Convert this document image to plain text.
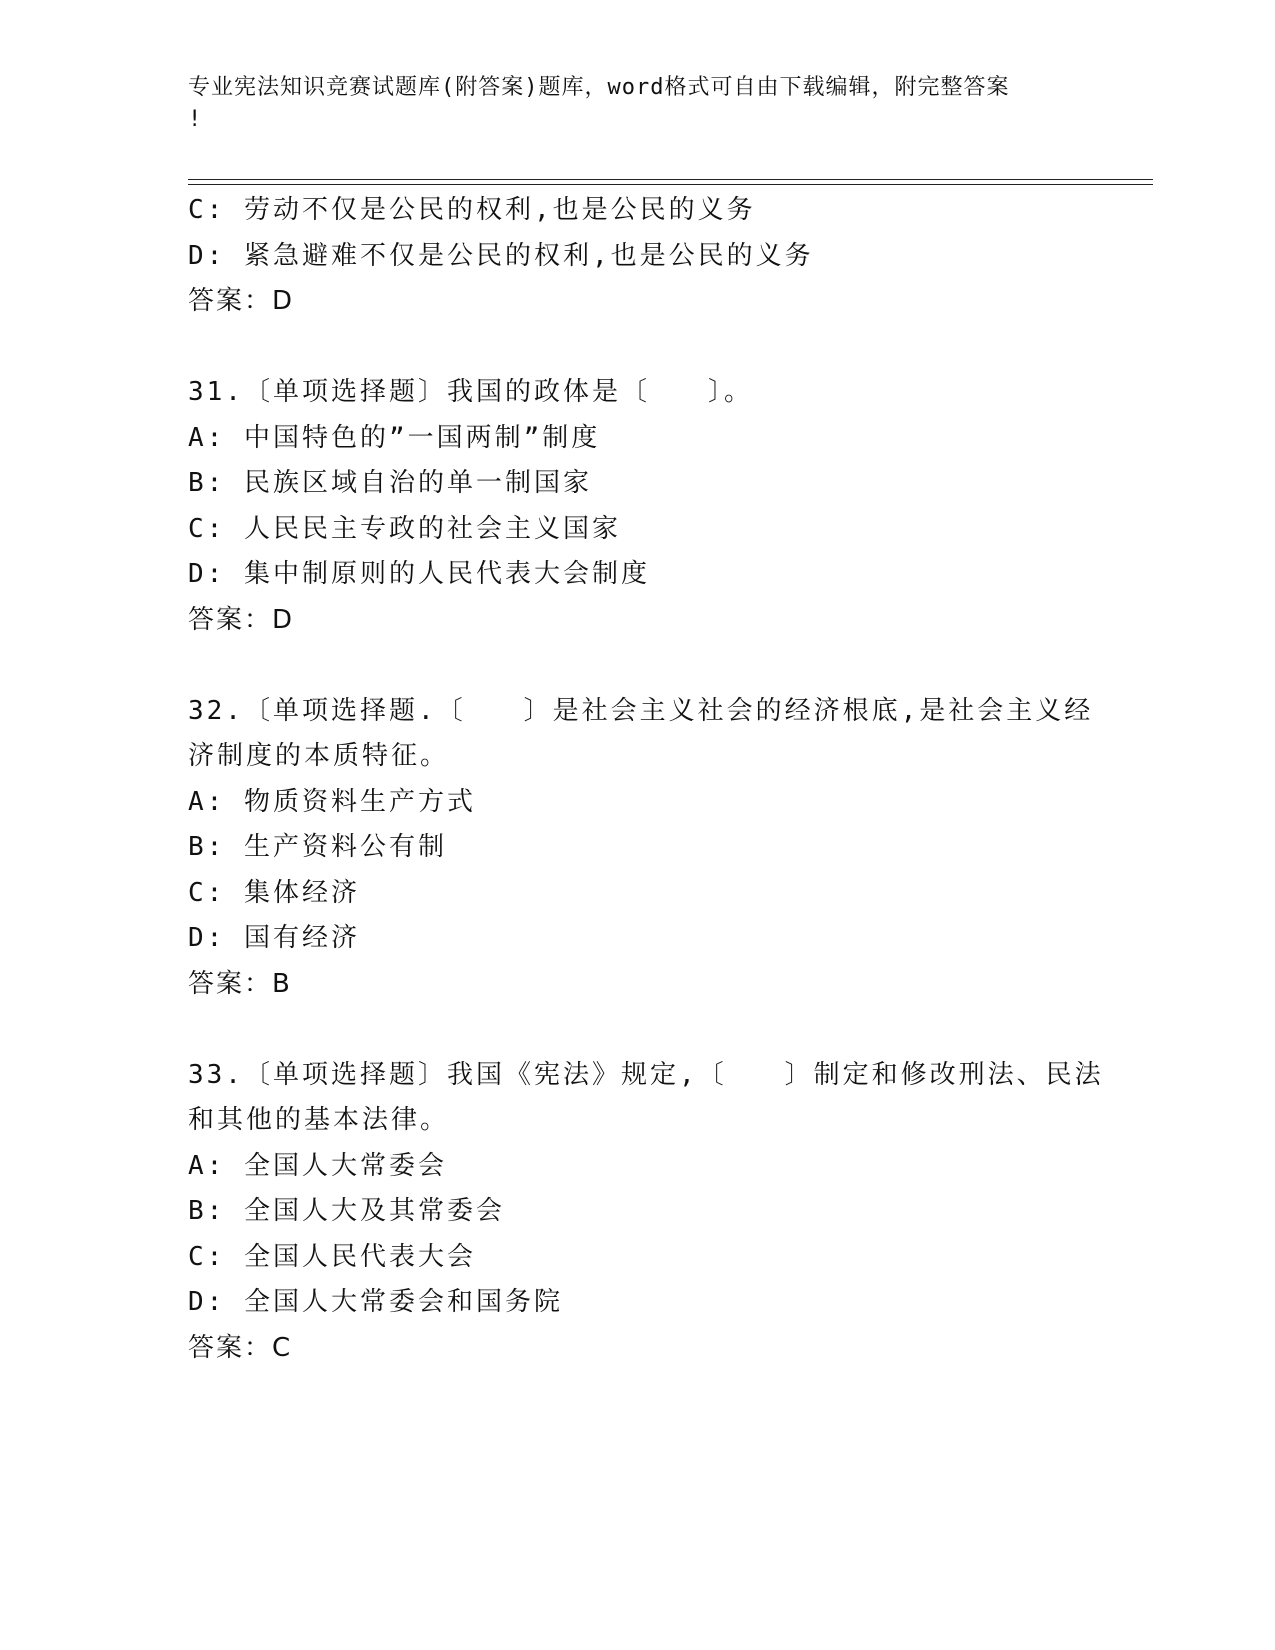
专业宪法知识竞赛试题库(附答案)题库，word格式可自由下载编辑，附完整答案
!
C: 劳动不仅是公民的权利,也是公民的义务
D: 紧急避难不仅是公民的权利,也是公民的义务
答案：D
31.〔单项选择题〕我国的政体是〔　　〕。
A: 中国特色的”一国两制”制度
B: 民族区域自治的单一制国家
C: 人民民主专政的社会主义国家
D: 集中制原则的人民代表大会制度
答案：D
32.〔单项选择题.〔　　〕是社会主义社会的经济根底,是社会主义经
济制度的本质特征。
A: 物质资料生产方式
B: 生产资料公有制
C: 集体经济
D: 国有经济
答案：B
33.〔单项选择题〕我国《宪法》规定,〔　　〕制定和修改刑法、民法
和其他的基本法律。
A: 全国人大常委会
B: 全国人大及其常委会
C: 全国人民代表大会
D: 全国人大常委会和国务院
答案：C
